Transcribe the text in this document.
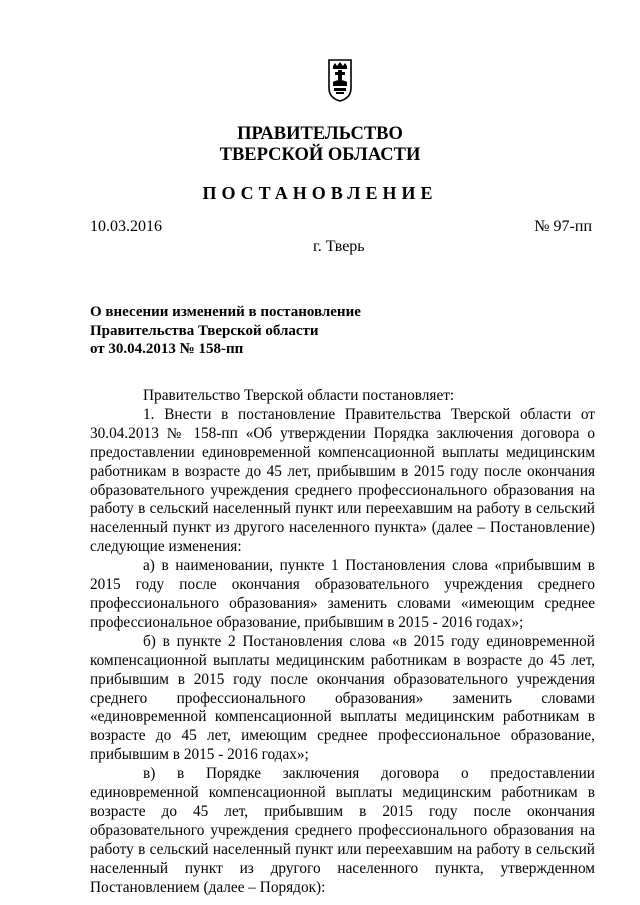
ПРАВИТЕЛЬСТВО
ТВЕРСКОЙ ОБЛАСТИ
ПОСТАНОВЛЕНИЕ
10.03.2016	№ 97-пп
г. Тверь
О внесении изменений в постановление
Правительства Тверской области
от 30.04.2013 № 158-пп

Правительство Тверской области постановляет:

1. Внести в постановление Правительства Тверской области от 30.04.2013 № 158-пп «Об утверждении Порядка заключения договора о предоставлении единовременной компенсационной выплаты медицинским работникам в возрасте до 45 лет, прибывшим в 2015 году после окончания образовательного учреждения среднего профессионального образования на работу в сельский населенный пункт или переехавшим на работу в сельский населенный пункт из другого населенного пункта» (далее – Постановление) следующие изменения:

а) в наименовании, пункте 1 Постановления слова «прибывшим в 2015 году после окончания образовательного учреждения среднего профессионального образования» заменить словами «имеющим среднее профессиональное образование, прибывшим в 2015 - 2016 годах»;

б) в пункте 2 Постановления слова «в 2015 году единовременной компенсационной выплаты медицинским работникам в возрасте до 45 лет, прибывшим в 2015 году после окончания образовательного учреждения среднего профессионального образования» заменить словами «единовременной компенсационной выплаты медицинским работникам в возрасте до 45 лет, имеющим среднее профессиональное образование, прибывшим в 2015 - 2016 годах»;

в) в Порядке заключения договора о предоставлении единовременной компенсационной выплаты медицинским работникам в возрасте до 45 лет, прибывшим в 2015 году после окончания образовательного учреждения среднего профессионального образования на работу в сельский населенный пункт или переехавшим на работу в сельский населенный пункт из другого населенного пункта, утвержденном Постановлением (далее – Порядок):
